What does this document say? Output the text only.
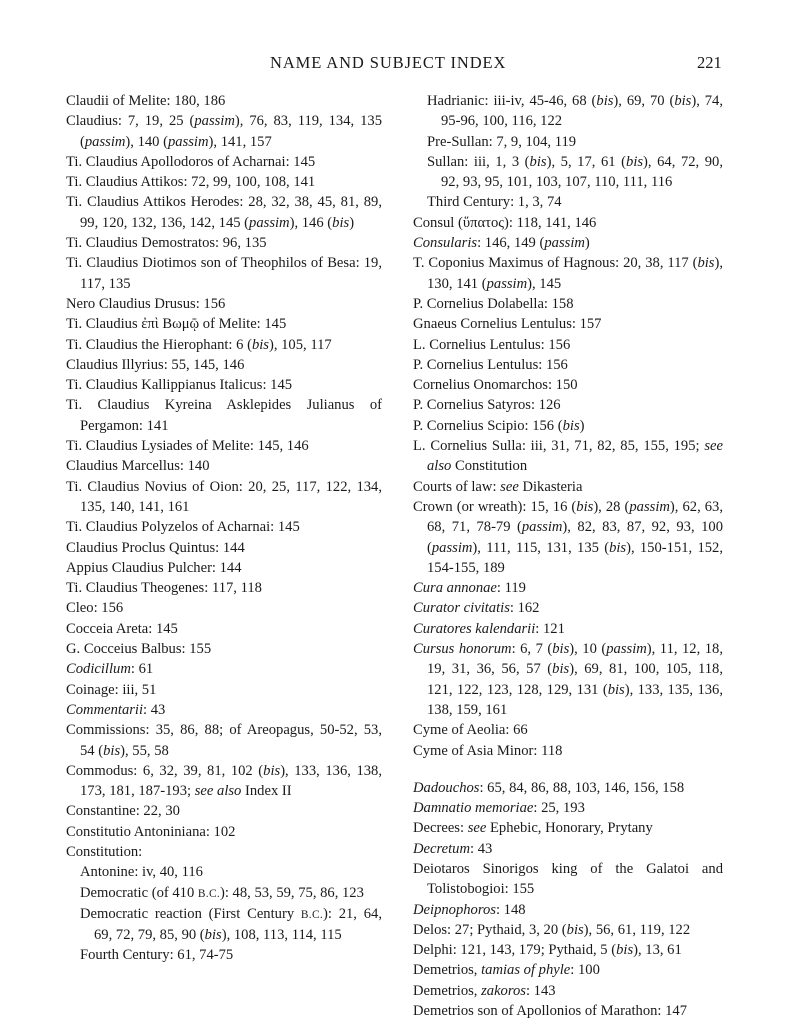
NAME AND SUBJECT INDEX	221
Claudii of Melite: 180, 186
Claudius: 7, 19, 25 (passim), 76, 83, 119, 134, 135 (passim), 140 (passim), 141, 157
Ti. Claudius Apollodoros of Acharnai: 145
Ti. Claudius Attikos: 72, 99, 100, 108, 141
Ti. Claudius Attikos Herodes: 28, 32, 38, 45, 81, 89, 99, 120, 132, 136, 142, 145 (passim), 146 (bis)
Ti. Claudius Demostratos: 96, 135
Ti. Claudius Diotimos son of Theophilos of Besa: 19, 117, 135
Nero Claudius Drusus: 156
Ti. Claudius ἐπὶ Βωμῷ of Melite: 145
Ti. Claudius the Hierophant: 6 (bis), 105, 117
Claudius Illyrius: 55, 145, 146
Ti. Claudius Kallippianus Italicus: 145
Ti. Claudius Kyreina Asklepides Julianus of Pergamon: 141
Ti. Claudius Lysiades of Melite: 145, 146
Claudius Marcellus: 140
Ti. Claudius Novius of Oion: 20, 25, 117, 122, 134, 135, 140, 141, 161
Ti. Claudius Polyzelos of Acharnai: 145
Claudius Proclus Quintus: 144
Appius Claudius Pulcher: 144
Ti. Claudius Theogenes: 117, 118
Cleo: 156
Cocceia Areta: 145
G. Cocceius Balbus: 155
Codicillum: 61
Coinage: iii, 51
Commentarii: 43
Commissions: 35, 86, 88; of Areopagus, 50-52, 53, 54 (bis), 55, 58
Commodus: 6, 32, 39, 81, 102 (bis), 133, 136, 138, 173, 181, 187-193; see also Index II
Constantine: 22, 30
Constitutio Antoniniana: 102
Constitution:
Antonine: iv, 40, 116
Democratic (of 410 B.C.): 48, 53, 59, 75, 86, 123
Democratic reaction (First Century B.C.): 21, 64, 69, 72, 79, 85, 90 (bis), 108, 113, 114, 115
Fourth Century: 61, 74-75
Hadrianic: iii-iv, 45-46, 68 (bis), 69, 70 (bis), 74, 95-96, 100, 116, 122
Pre-Sullan: 7, 9, 104, 119
Sullan: iii, 1, 3 (bis), 5, 17, 61 (bis), 64, 72, 90, 92, 93, 95, 101, 103, 107, 110, 111, 116
Third Century: 1, 3, 74
Consul (ὕπατος): 118, 141, 146
Consularis: 146, 149 (passim)
T. Coponius Maximus of Hagnous: 20, 38, 117 (bis), 130, 141 (passim), 145
P. Cornelius Dolabella: 158
Gnaeus Cornelius Lentulus: 157
L. Cornelius Lentulus: 156
P. Cornelius Lentulus: 156
Cornelius Onomarchos: 150
P. Cornelius Satyros: 126
P. Cornelius Scipio: 156 (bis)
L. Cornelius Sulla: iii, 31, 71, 82, 85, 155, 195; see also Constitution
Courts of law: see Dikasteria
Crown (or wreath): 15, 16 (bis), 28 (passim), 62, 63, 68, 71, 78-79 (passim), 82, 83, 87, 92, 93, 100 (passim), 111, 115, 131, 135 (bis), 150-151, 152, 154-155, 189
Cura annonae: 119
Curator civitatis: 162
Curatores kalendarii: 121
Cursus honorum: 6, 7 (bis), 10 (passim), 11, 12, 18, 19, 31, 36, 56, 57 (bis), 69, 81, 100, 105, 118, 121, 122, 123, 128, 129, 131 (bis), 133, 135, 136, 138, 159, 161
Cyme of Aeolia: 66
Cyme of Asia Minor: 118
Dadouchos: 65, 84, 86, 88, 103, 146, 156, 158
Damnatio memoriae: 25, 193
Decrees: see Ephebic, Honorary, Prytany
Decretum: 43
Deiotaros Sinorigos king of the Galatoi and Tolistobogioi: 155
Deipnophoros: 148
Delos: 27; Pythaid, 3, 20 (bis), 56, 61, 119, 122
Delphi: 121, 143, 179; Pythaid, 5 (bis), 13, 61
Demetrios, tamias of phyle: 100
Demetrios, zakoros: 143
Demetrios son of Apollonios of Marathon: 147
